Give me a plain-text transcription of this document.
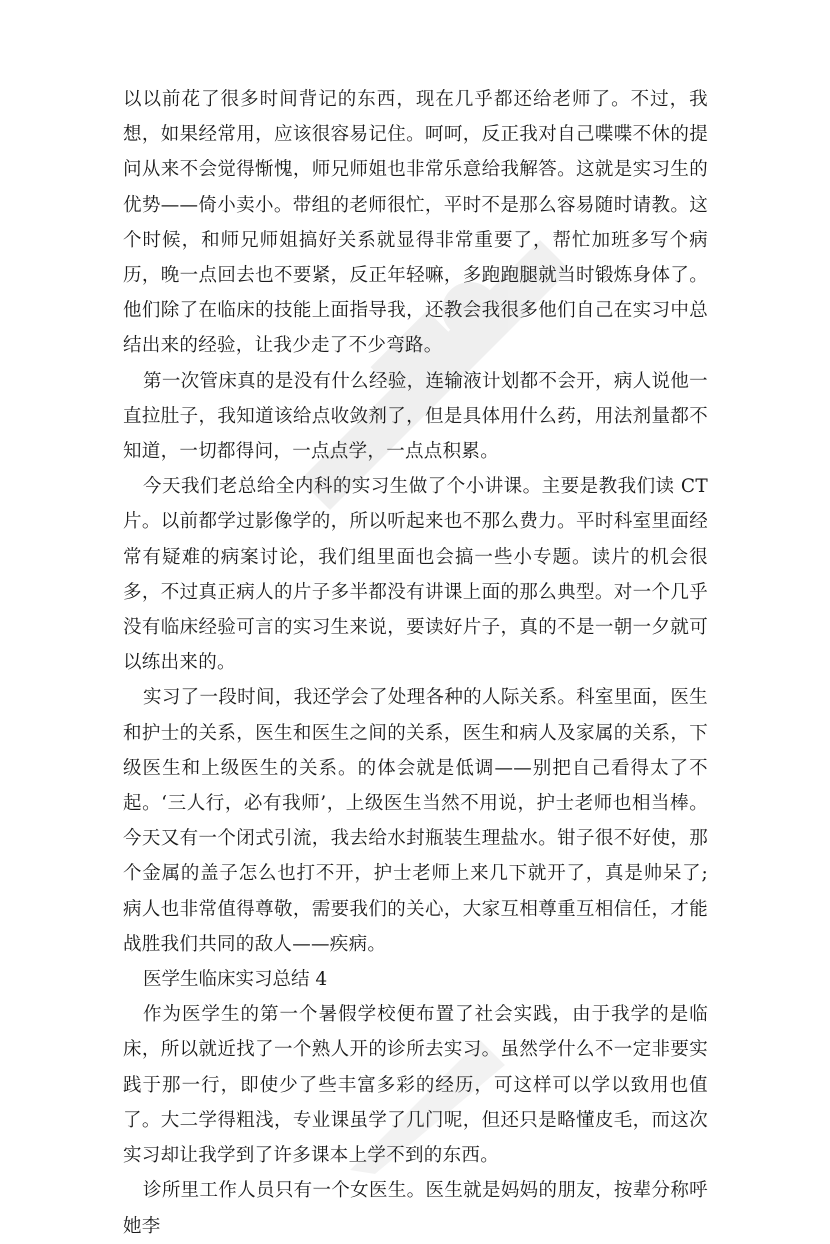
以以前花了很多时间背记的东西，现在几乎都还给老师了。不过，我想，如果经常用，应该很容易记住。呵呵，反正我对自己喋喋不休的提问从来不会觉得惭愧，师兄师姐也非常乐意给我解答。这就是实习生的优势——倚小卖小。带组的老师很忙，平时不是那么容易随时请教。这个时候，和师兄师姐搞好关系就显得非常重要了，帮忙加班多写个病历，晚一点回去也不要紧，反正年轻嘛，多跑跑腿就当时锻炼身体了。他们除了在临床的技能上面指导我，还教会我很多他们自己在实习中总结出来的经验，让我少走了不少弯路。

第一次管床真的是没有什么经验，连输液计划都不会开，病人说他一直拉肚子，我知道该给点收敛剂了，但是具体用什么药，用法剂量都不知道，一切都得问，一点点学，一点点积累。

今天我们老总给全内科的实习生做了个小讲课。主要是教我们读 CT 片。以前都学过影像学的，所以听起来也不那么费力。平时科室里面经常有疑难的病案讨论，我们组里面也会搞一些小专题。读片的机会很多，不过真正病人的片子多半都没有讲课上面的那么典型。对一个几乎没有临床经验可言的实习生来说，要读好片子，真的不是一朝一夕就可以练出来的。

实习了一段时间，我还学会了处理各种的人际关系。科室里面，医生和护士的关系，医生和医生之间的关系，医生和病人及家属的关系，下级医生和上级医生的关系。的体会就是低调——别把自己看得太了不起。‘三人行，必有我师’，上级医生当然不用说，护士老师也相当棒。今天又有一个闭式引流，我去给水封瓶装生理盐水。钳子很不好使，那个金属的盖子怎么也打不开，护士老师上来几下就开了，真是帅呆了;病人也非常值得尊敬，需要我们的关心，大家互相尊重互相信任，才能战胜我们共同的敌人——疾病。

医学生临床实习总结 4

作为医学生的第一个暑假学校便布置了社会实践，由于我学的是临床，所以就近找了一个熟人开的诊所去实习。虽然学什么不一定非要实践于那一行，即使少了些丰富多彩的经历，可这样可以学以致用也值了。大二学得粗浅，专业课虽学了几门呢，但还只是略懂皮毛，而这次实习却让我学到了许多课本上学不到的东西。

诊所里工作人员只有一个女医生。医生就是妈妈的朋友，按辈分称呼她李
